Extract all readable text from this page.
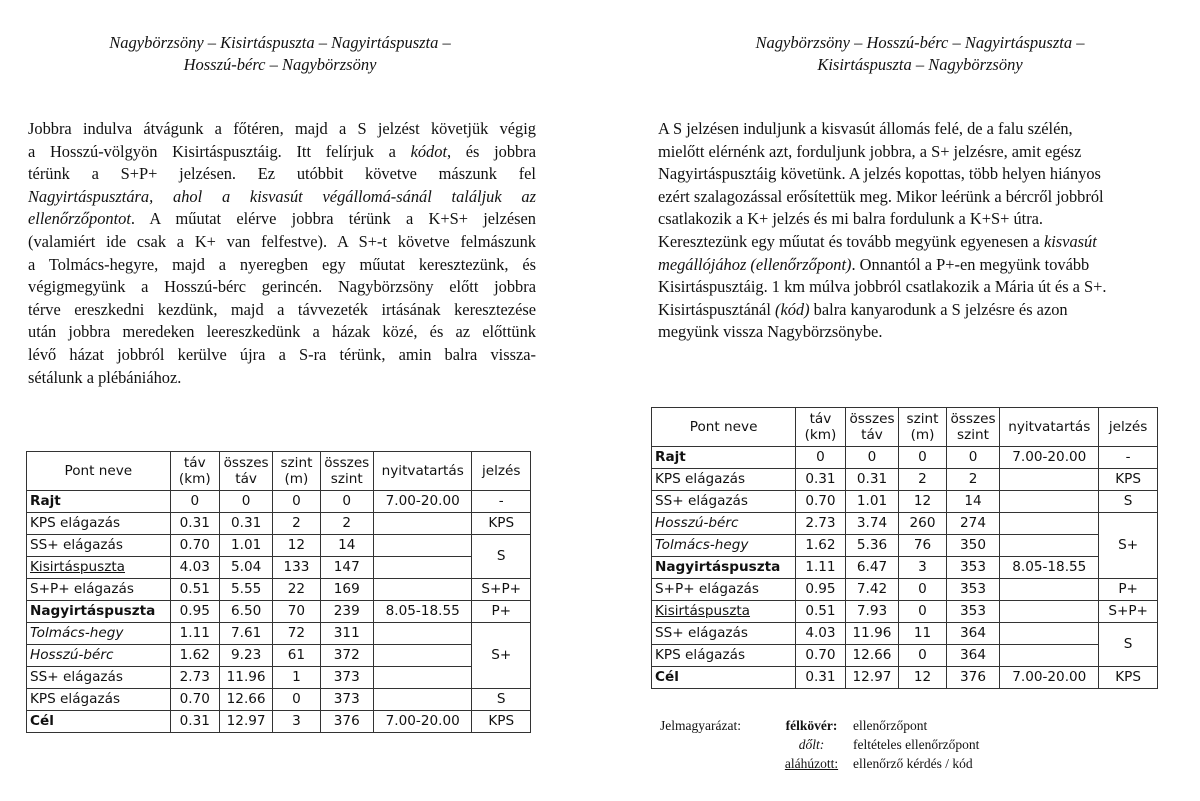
Nagybörzsöny – Kisirtáspuszta – Nagyirtáspuszta –
Hosszú-bérc – Nagybörzsöny
Nagybörzsöny – Hosszú-bérc – Nagyirtáspuszta –
Kisirtáspuszta – Nagybörzsöny
Jobbra indulva átvágunk a főtéren, majd a S jelzést követjük végig
a Hosszú-völgyön Kisirtáspusztáig. Itt felírjuk a kódot, és jobbra
térünk a S+P+ jelzésen. Ez utóbbit követve mászunk fel
Nagyirtáspusztára, ahol a kisvasút végállomá-sánál találjuk az
ellenőrzőpontot. A műutat elérve jobbra térünk a K+S+ jelzésen
(valamiért ide csak a K+ van felfestve). A S+-t követve felmászunk
a Tolmács-hegyre, majd a nyeregben egy műutat keresztezünk, és
végigmegyünk a Hosszú-bérc gerincén. Nagybörzsöny előtt jobbra
térve ereszkedni kezdünk, majd a távvezeték irtásának keresztezése
után jobbra meredeken leereszkedünk a házak közé, és az előttünk
lévő házat jobbról kerülve újra a S-ra térünk, amin balra vissza-
sétálunk a plébániához.
A S jelzésen induljunk a kisvasút állomás felé, de a falu szélén,
mielőtt elérnénk azt, forduljunk jobbra, a S+ jelzésre, amit egész
Nagyirtáspusztáig követünk. A jelzés kopottas, több helyen hiányos
ezért szalagozással erősítettük meg. Mikor leérünk a bércről jobbról
csatlakozik a K+ jelzés és mi balra fordulunk a K+S+ útra.
Keresztezünk egy műutat és tovább megyünk egyenesen a kisvasút
megállójához (ellenőrzőpont). Onnantól a P+-en megyünk tovább
Kisirtáspusztáig. 1 km múlva jobbról csatlakozik a Mária út és a S+.
Kisirtáspusztánál (kód) balra kanyarodunk a S jelzésre és azon
megyünk vissza Nagybörzsönybe.
Pont neve	táv (km)	összes táv	szint (m)	összes szint	nyitvatartás	jelzés
Rajt	0	0	0	0	7.00-20.00	-
KPS elágazás	0.31	0.31	2	2		KPS
SS+ elágazás	0.70	1.01	12	14		S
Kisirtáspuszta	4.03	5.04	133	147		
S+P+ elágazás	0.51	5.55	22	169		S+P+
Nagyirtáspuszta	0.95	6.50	70	239	8.05-18.55	P+
Tolmács-hegy	1.11	7.61	72	311		S+
Hosszú-bérc	1.62	9.23	61	372		
SS+ elágazás	2.73	11.96	1	373		
KPS elágazás	0.70	12.66	0	373		S
Cél	0.31	12.97	3	376	7.00-20.00	KPS
Pont neve	táv (km)	összes táv	szint (m)	összes szint	nyitvatartás	jelzés
Rajt	0	0	0	0	7.00-20.00	-
KPS elágazás	0.31	0.31	2	2		KPS
SS+ elágazás	0.70	1.01	12	14		S
Hosszú-bérc	2.73	3.74	260	274		S+
Tolmács-hegy	1.62	5.36	76	350		
Nagyirtáspuszta	1.11	6.47	3	353	8.05-18.55	
S+P+ elágazás	0.95	7.42	0	353		P+
Kisirtáspuszta	0.51	7.93	0	353		S+P+
SS+ elágazás	4.03	11.96	11	364		S
KPS elágazás	0.70	12.66	0	364		
Cél	0.31	12.97	12	376	7.00-20.00	KPS
Jelmagyarázat:	félkövér:	ellenőrzőpont
dőlt:	feltételes ellenőrzőpont
aláhúzott:	ellenőrző kérdés / kód
